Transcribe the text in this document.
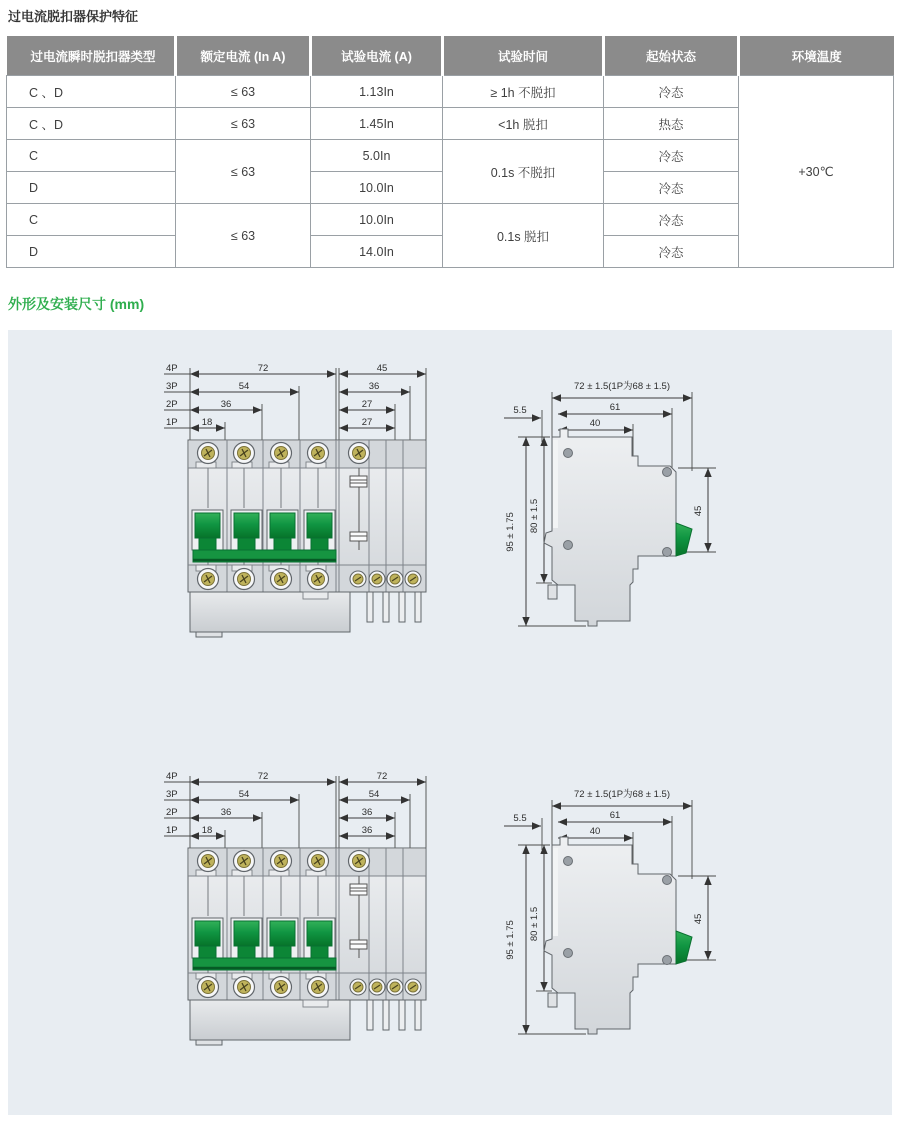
过电流脱扣器保护特征
过电流瞬时脱扣器类型	额定电流 (In A)	试验电流 (A)	试验时间	起始状态	环境温度
C 、D	≤ 63	1.13In	≥ 1h 不脱扣	冷态	+30℃
C 、D	≤ 63	1.45In	<1h 脱扣	热态	
C	≤ 63	5.0In	0.1s 不脱扣	冷态	
D		10.0In		冷态	
C	≤ 63	10.0In	0.1s 脱扣	冷态	
D		14.0In		冷态	
外形及安装尺寸 (mm)
4P
3P
2P
1P
72
54
36
18
45
36
27
27
72 ± 1.5(1P为68 ± 1.5)
61
40
5.5
95 ± 1.75 80 ± 1.5	45
4P
3P
2P
1P
72
54
36
18
72
54
36
36
72 ± 1.5(1P为68 ± 1.5)
61
40
5.5
95 ± 1.75 80 ± 1.5	45
